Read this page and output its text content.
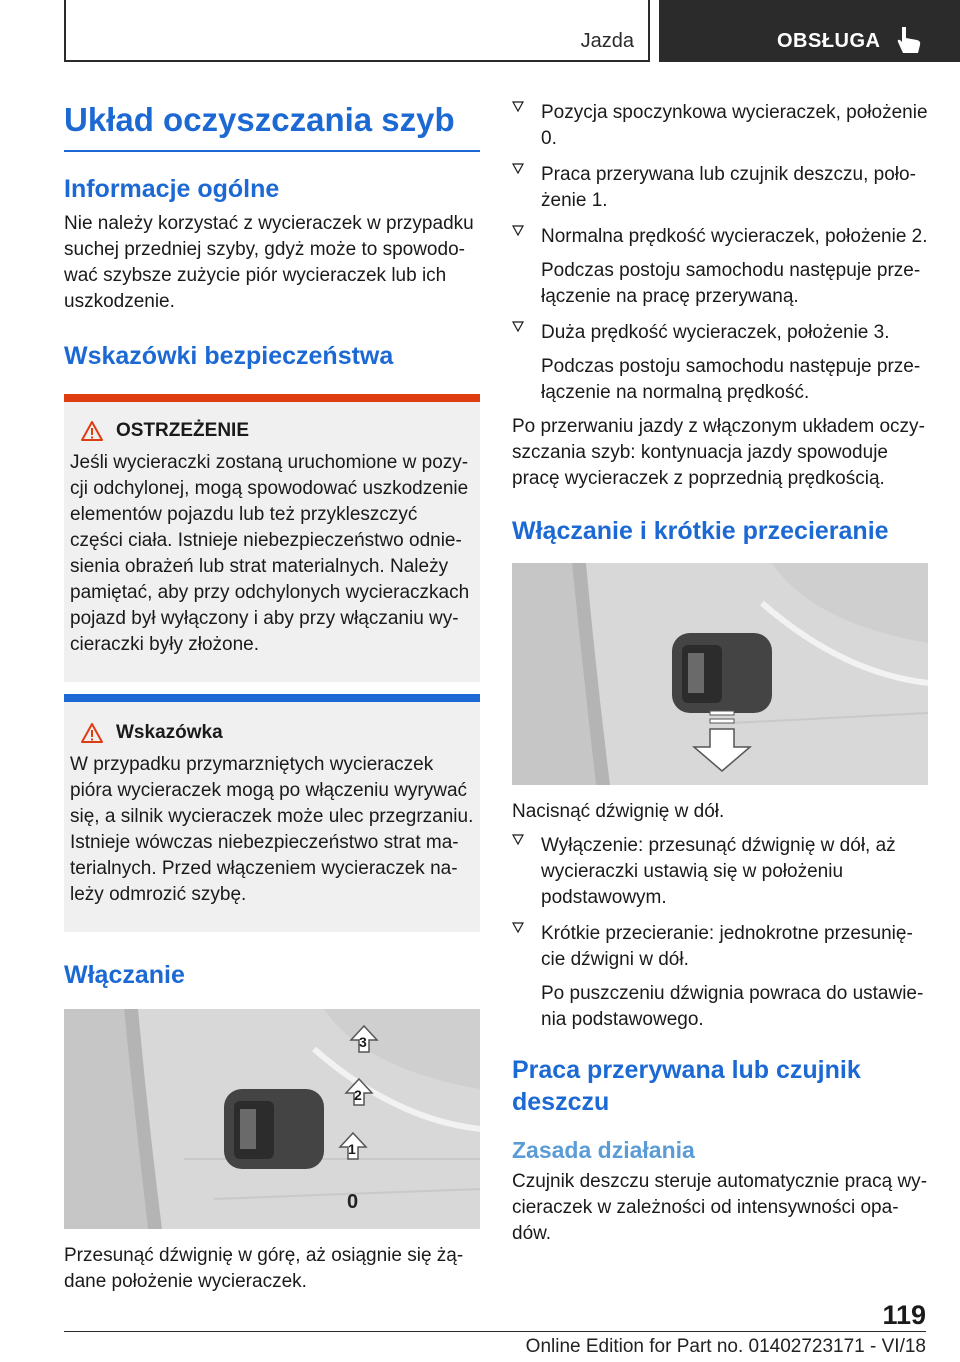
Jazda	OBSŁUGA
Układ oczyszczania szyb
Informacje ogólne

Nie należy korzystać z wycieraczek w przypadku suchej przedniej szyby, gdyż może to spowodować szybsze zużycie piór wycieraczek lub ich uszkodzenie.

Wskazówki bezpieczeństwa
OSTRZEŻENIE

Jeśli wycieraczki zostaną uruchomione w pozycji odchylonej, mogą spowodować uszkodzenie elementów pojazdu lub też przykleszczyć części ciała. Istnieje niebezpieczeństwo odniesienia obrażeń lub strat materialnych. Należy pamiętać, aby przy odchylonych wycieraczkach pojazd był wyłączony i aby przy włączaniu wycieraczki były złożone.

Wskazówka

W przypadku przymarzniętych wycieraczek pióra wycieraczek mogą po włączeniu wyrywać się, a silnik wycieraczek może ulec przegrzaniu. Istnieje wówczas niebezpieczeństwo strat materialnych. Przed włączeniem wycieraczek należy odmrozić szybę.

Włączanie
3
2
1
0

Przesunąć dźwignię w górę, aż osiągnie się żądane położenie wycieraczek.

Pozycja spoczynkowa wycieraczek, położenie 0.
Praca przerywana lub czujnik deszczu, położenie 1.
Normalna prędkość wycieraczek, położenie 2.
Podczas postoju samochodu następuje przełączenie na pracę przerywaną.
Duża prędkość wycieraczek, położenie 3.
Podczas postoju samochodu następuje przełączenie na normalną prędkość.

Po przerwaniu jazdy z włączonym układem oczyszczania szyb: kontynuacja jazdy spowoduje pracę wycieraczek z poprzednią prędkością.

Włączanie i krótkie przecieranie

Nacisnąć dźwignię w dół.

Wyłączenie: przesunąć dźwignię w dół, aż wycieraczki ustawią się w położeniu podstawowym.
Krótkie przecieranie: jednokrotne przesunięcie dźwigni w dół.
Po puszczeniu dźwignia powraca do ustawienia podstawowego.
Praca przerywana lub czujnik deszczu
Zasada działania

Czujnik deszczu steruje automatycznie pracą wycieraczek w zależności od intensywności opadów.

119
Online Edition for Part no. 01402723171 - VI/18
